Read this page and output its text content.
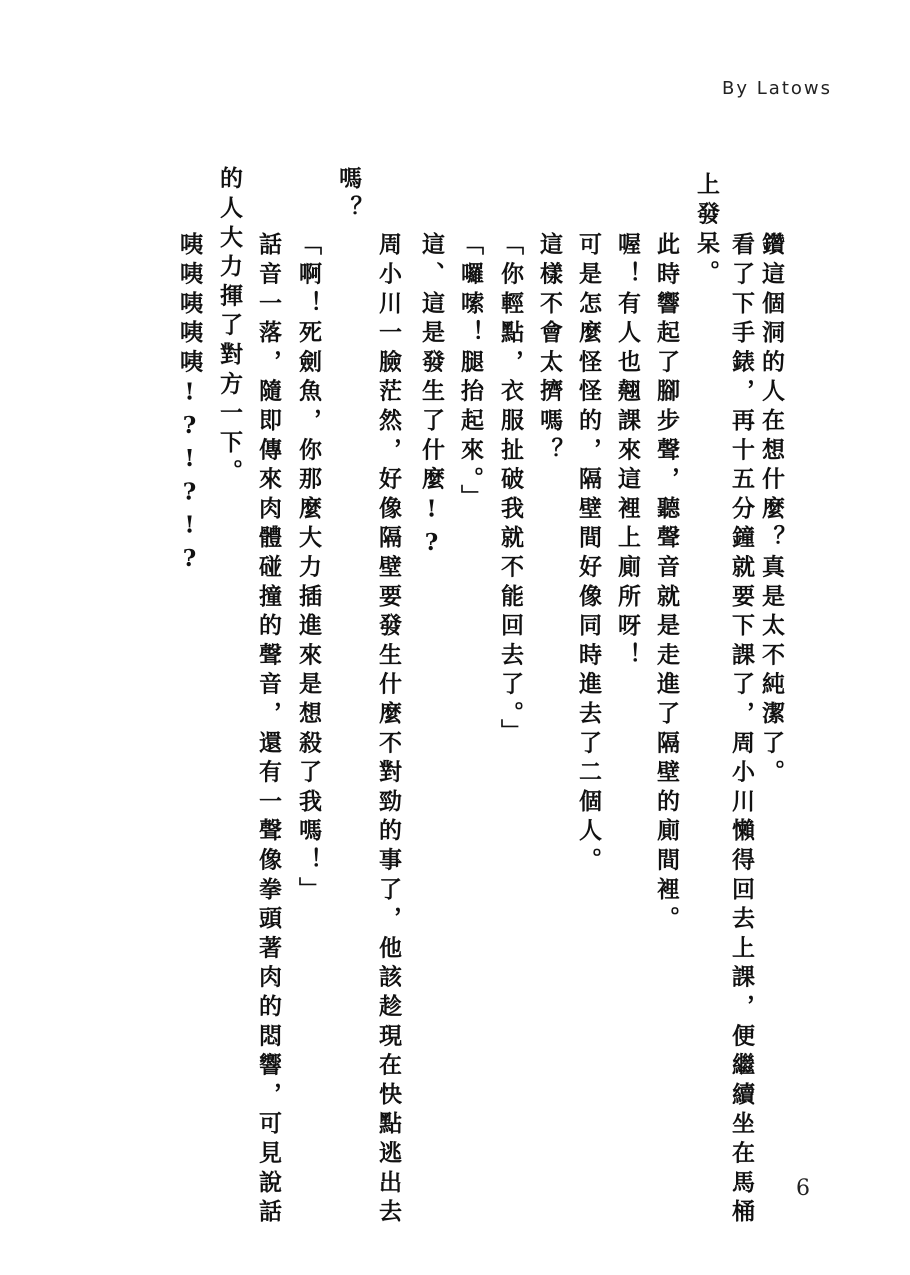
By Latows
鑽這個洞的人在想什麼？真是太不純潔了。
看了下手錶，再十五分鐘就要下課了，周小川懶得回去上課，便繼續坐在馬桶
上發呆。
此時響起了腳步聲，聽聲音就是走進了隔壁的廁間裡。
喔！有人也翹課來這裡上廁所呀！
可是怎麼怪怪的，隔壁間好像同時進去了二個人。
這樣不會太擠嗎？
「你輕點，衣服扯破我就不能回去了。」
「囉嗦！腿抬起來。」
這、這是發生了什麼!?
周小川一臉茫然，好像隔壁要發生什麼不對勁的事了，他該趁現在快點逃出去
嗎？
「啊！死劍魚，你那麼大力插進來是想殺了我嗎！」
話音一落，隨即傳來肉體碰撞的聲音，還有一聲像拳頭著肉的悶響，可見說話
的人大力揮了對方一下。
咦咦咦咦咦!?!?!?
6
